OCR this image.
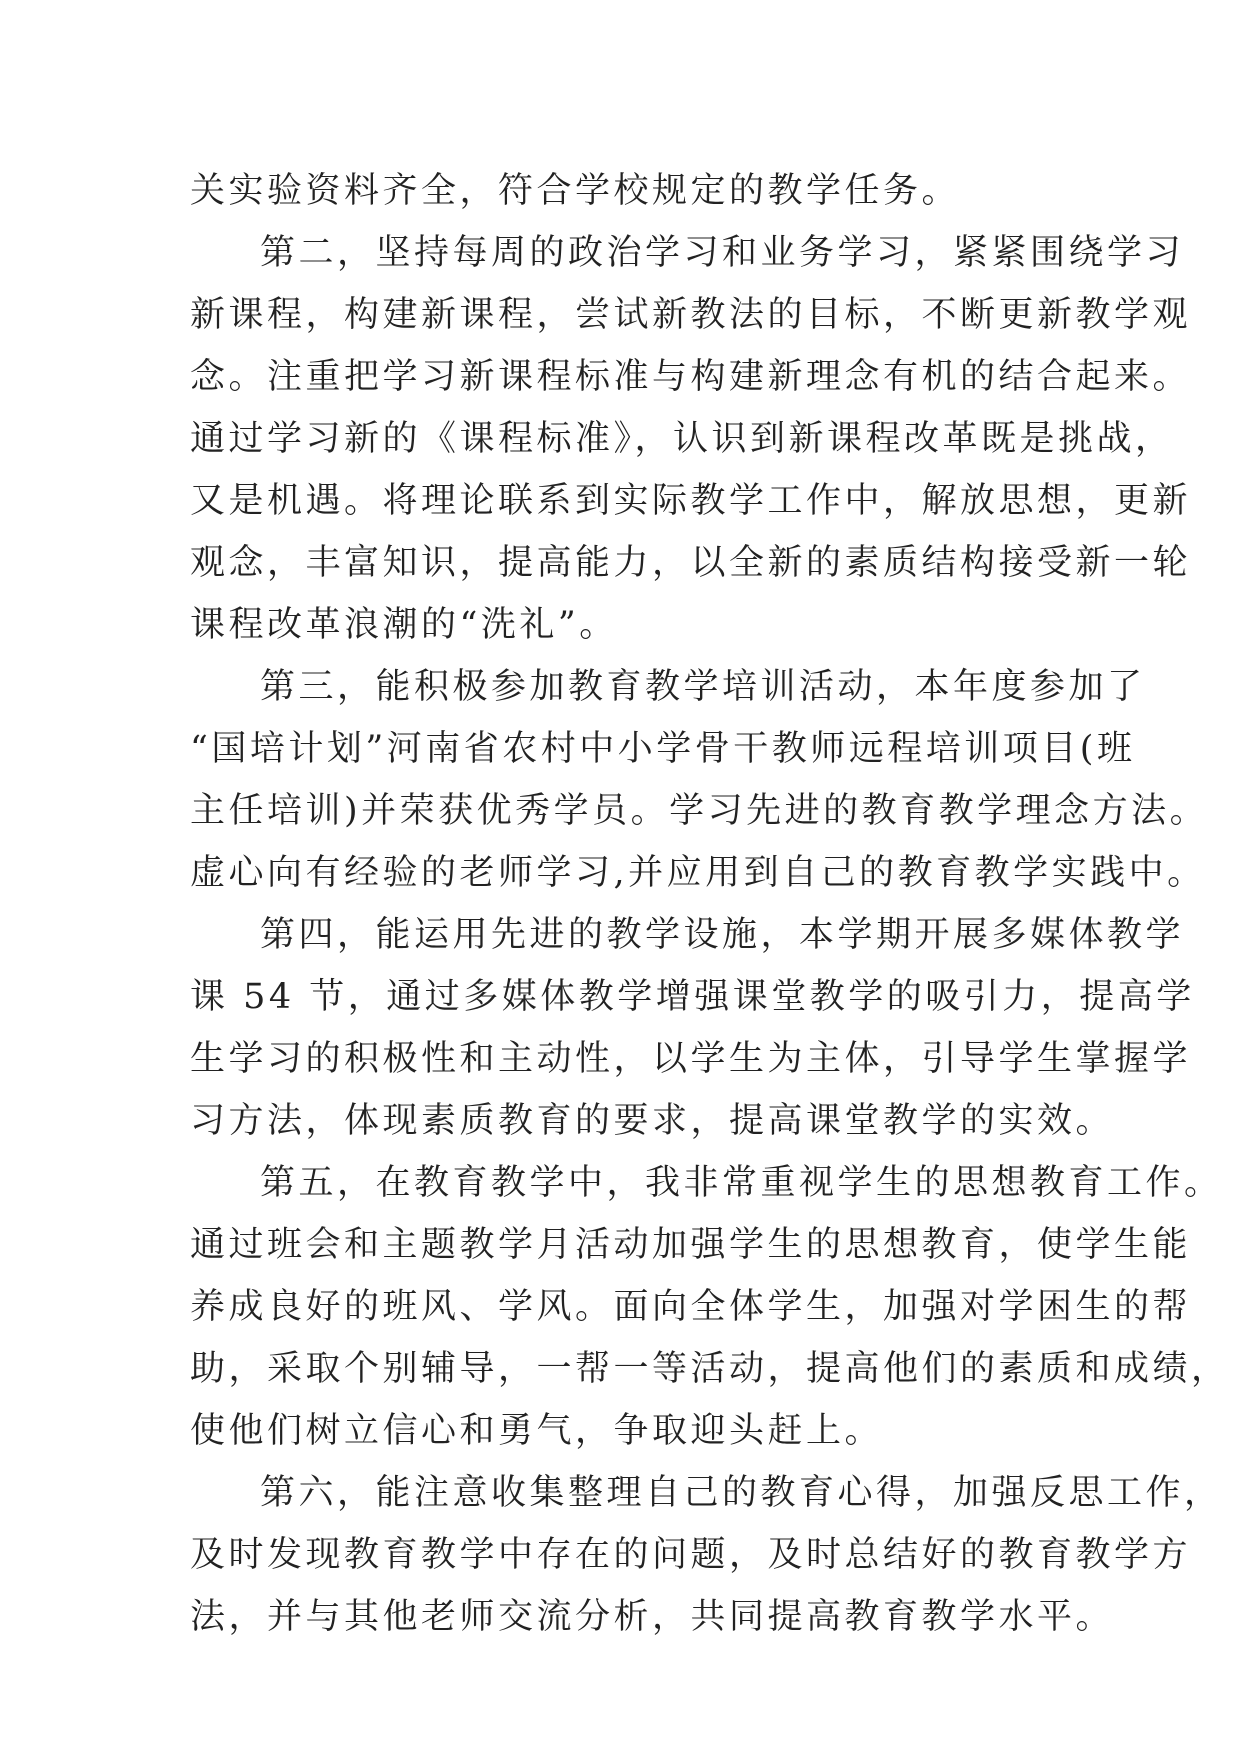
关实验资料齐全，符合学校规定的教学任务。
第二，坚持每周的政治学习和业务学习，紧紧围绕学习
新课程，构建新课程，尝试新教法的目标，不断更新教学观
念。注重把学习新课程标准与构建新理念有机的结合起来。
通过学习新的《课程标准》，认识到新课程改革既是挑战，
又是机遇。将理论联系到实际教学工作中，解放思想，更新
观念，丰富知识，提高能力，以全新的素质结构接受新一轮
课程改革浪潮的“洗礼”。
第三，能积极参加教育教学培训活动，本年度参加了
“国培计划”河南省农村中小学骨干教师远程培训项目(班
主任培训)并荣获优秀学员。学习先进的教育教学理念方法。
虚心向有经验的老师学习,并应用到自己的教育教学实践中。
第四，能运用先进的教学设施，本学期开展多媒体教学
课 54 节，通过多媒体教学增强课堂教学的吸引力，提高学
生学习的积极性和主动性，以学生为主体，引导学生掌握学
习方法，体现素质教育的要求，提高课堂教学的实效。
第五，在教育教学中，我非常重视学生的思想教育工作。
通过班会和主题教学月活动加强学生的思想教育，使学生能
养成良好的班风、学风。面向全体学生，加强对学困生的帮
助，采取个别辅导，一帮一等活动，提高他们的素质和成绩，
使他们树立信心和勇气，争取迎头赶上。
第六，能注意收集整理自己的教育心得，加强反思工作，
及时发现教育教学中存在的问题，及时总结好的教育教学方
法，并与其他老师交流分析，共同提高教育教学水平。
